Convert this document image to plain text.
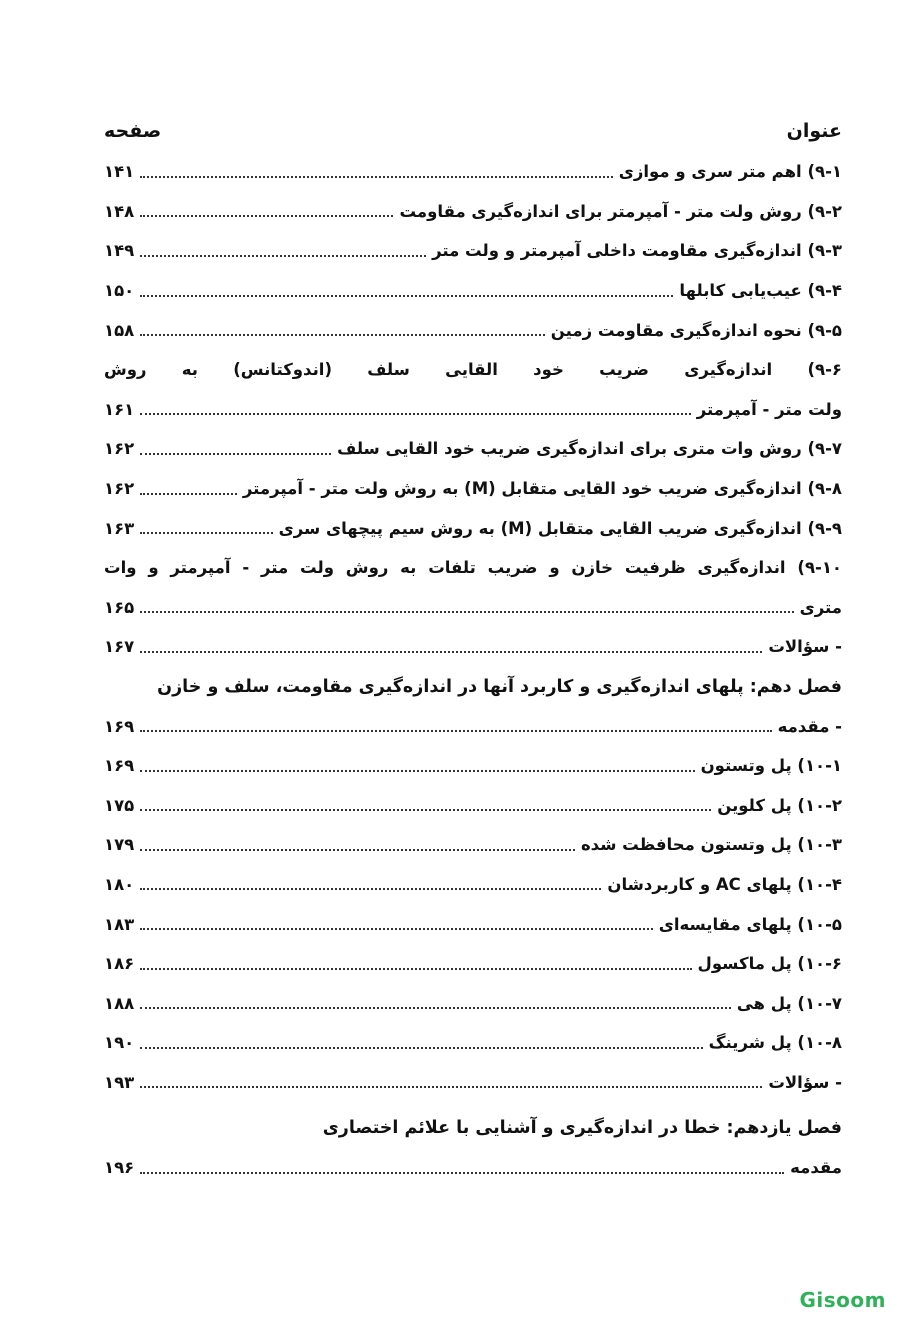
عنوان
صفحه
۹-۱) اهم متر سری و موازی
۱۴۱
۹-۲) روش ولت متر - آمپرمتر برای اندازه‌گیری مقاومت
۱۴۸
۹-۳) اندازه‌گیری مقاومت داخلی آمپرمتر و ولت متر
۱۴۹
۹-۴) عیب‌یابی کابلها
۱۵۰
۹-۵) نحوه اندازه‌گیری مقاومت زمین
۱۵۸
۹-۶) اندازه‌گیری ضریب خود القایی سلف (اندوکتانس) به روش
ولت متر - آمپرمتر
۱۶۱
۹-۷) روش وات متری برای اندازه‌گیری ضریب خود القایی سلف
۱۶۲
۹-۸) اندازه‌گیری ضریب خود القایی متقابل (M) به روش ولت متر - آمپرمتر
۱۶۲
۹-۹) اندازه‌گیری ضریب القایی متقابل (M) به روش سیم پیچهای سری
۱۶۳
۹-۱۰) اندازه‌گیری ظرفیت خازن و ضریب تلفات به روش ولت متر - آمپرمتر و وات
متری
۱۶۵
- سؤالات
۱۶۷
فصل دهم: پلهای اندازه‌گیری و کاربرد آنها در اندازه‌گیری مقاومت، سلف و خازن
- مقدمه
۱۶۹
۱۰-۱) پل وتستون
۱۶۹
۱۰-۲) پل کلوین
۱۷۵
۱۰-۳) پل وتستون محافظت شده
۱۷۹
۱۰-۴) پلهای AC و کاربردشان
۱۸۰
۱۰-۵) پلهای مقایسه‌ای
۱۸۳
۱۰-۶) پل ماکسول
۱۸۶
۱۰-۷) پل هی
۱۸۸
۱۰-۸) پل شرینگ
۱۹۰
- سؤالات
۱۹۳
فصل یازدهم: خطا در اندازه‌گیری و آشنایی با علائم اختصاری
مقدمه
۱۹۶
Gisoom
